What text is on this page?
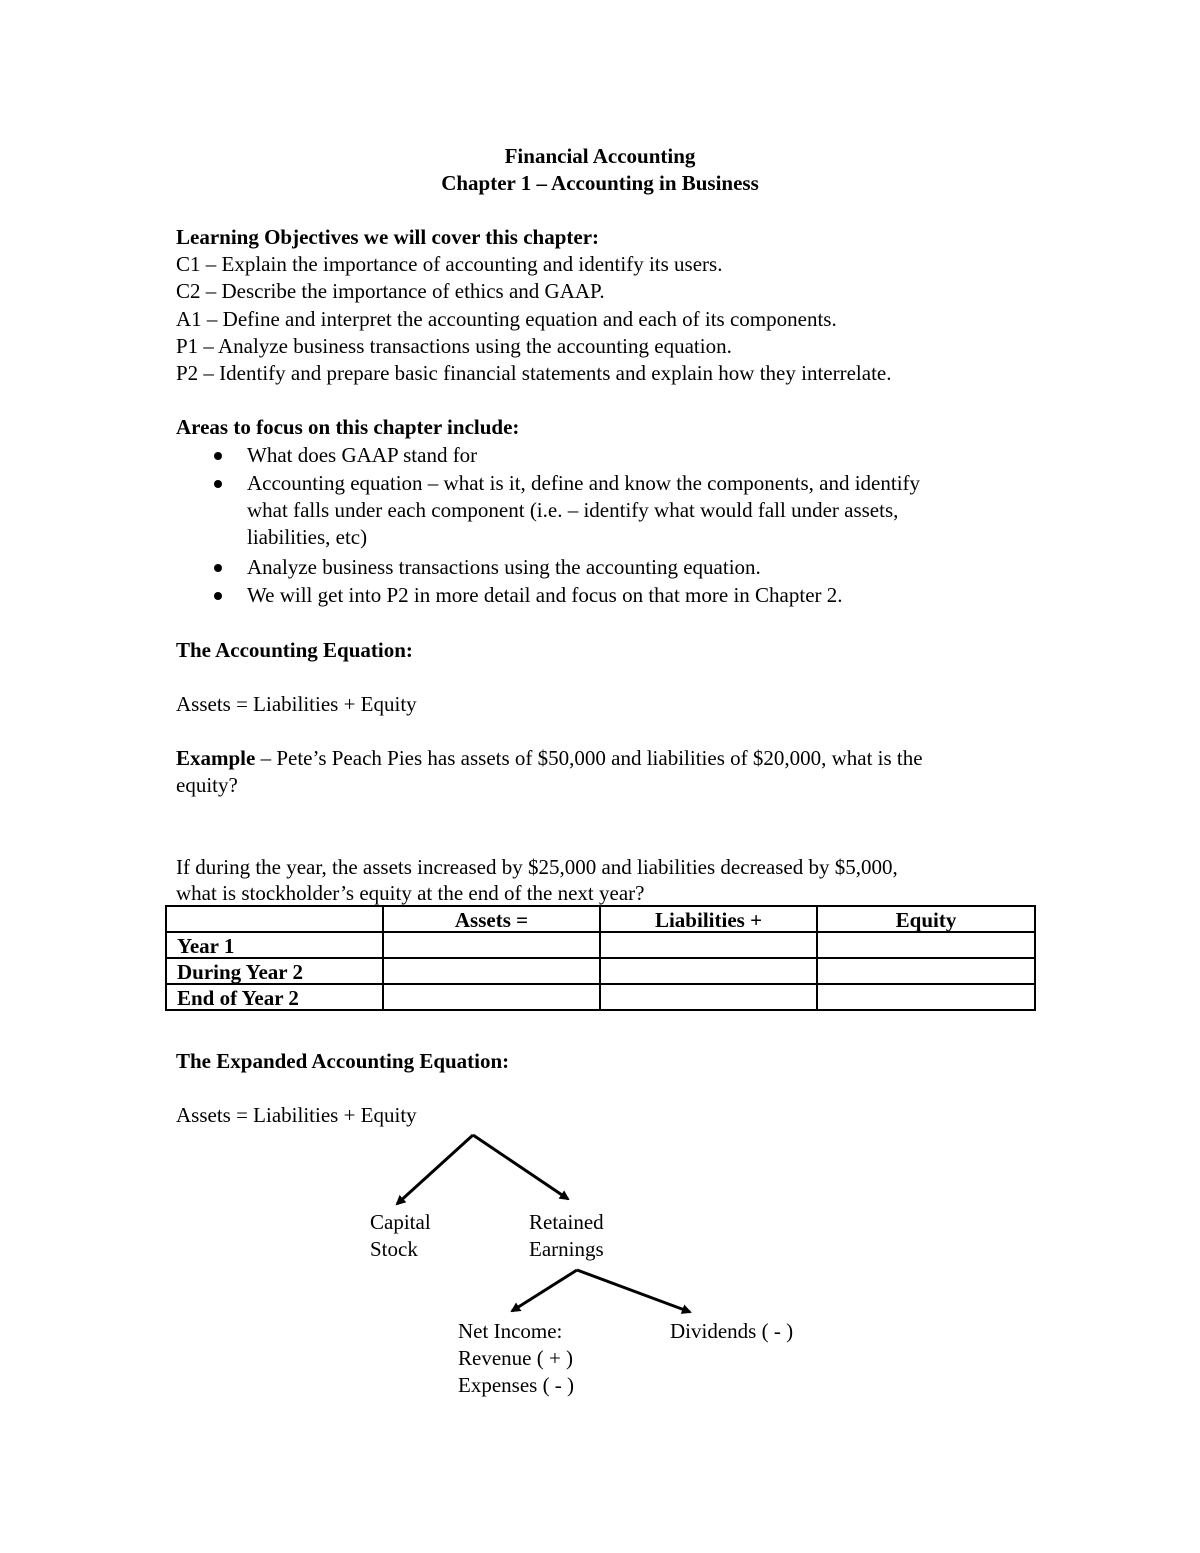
Financial Accounting
Chapter 1 – Accounting in Business
Learning Objectives we will cover this chapter:
C1 – Explain the importance of accounting and identify its users.
C2 – Describe the importance of ethics and GAAP.
A1 – Define and interpret the accounting equation and each of its components.
P1 – Analyze business transactions using the accounting equation.
P2 – Identify and prepare basic financial statements and explain how they interrelate.
Areas to focus on this chapter include:
What does GAAP stand for
Accounting equation – what is it, define and know the components, and identify
what falls under each component (i.e. – identify what would fall under assets,
liabilities, etc)
Analyze business transactions using the accounting equation.
We will get into P2 in more detail and focus on that more in Chapter 2.
The Accounting Equation:
Assets = Liabilities + Equity
Example – Pete’s Peach Pies has assets of $50,000 and liabilities of $20,000, what is the
equity?
If during the year, the assets increased by $25,000 and liabilities decreased by $5,000,
what is stockholder’s equity at the end of the next year?
	Assets =	Liabilities +	Equity
Year 1			
During Year 2			
End of Year 2			
The Expanded Accounting Equation:
Assets = Liabilities + Equity
Capital
Stock
Retained
Earnings
Net Income:
Revenue ( + )
Expenses ( - )
Dividends ( - )
